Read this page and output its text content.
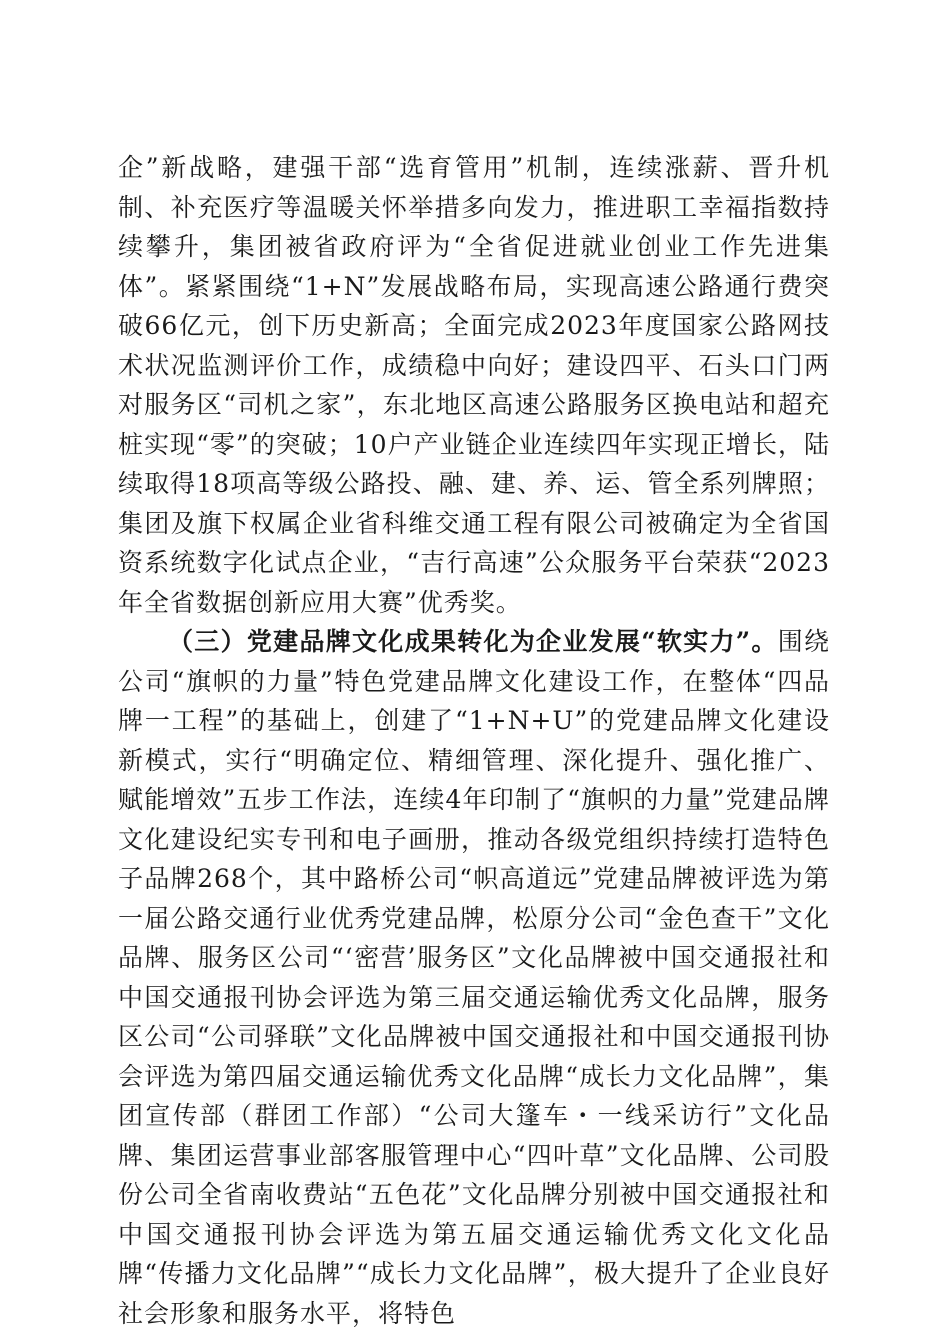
企”新战略，建强干部“选育管用”机制，连续涨薪、晋升机制、补充医疗等温暖关怀举措多向发力，推进职工幸福指数持续攀升，集团被省政府评为“全省促进就业创业工作先进集体”。紧紧围绕“1+N”发展战略布局，实现高速公路通行费突破66亿元，创下历史新高；全面完成2023年度国家公路网技术状况监测评价工作，成绩稳中向好；建设四平、石头口门两对服务区“司机之家”，东北地区高速公路服务区换电站和超充桩实现“零”的突破；10户产业链企业连续四年实现正增长，陆续取得18项高等级公路投、融、建、养、运、管全系列牌照；集团及旗下权属企业省科维交通工程有限公司被确定为全省国资系统数字化试点企业，“吉行高速”公众服务平台荣获“2023年全省数据创新应用大赛”优秀奖。

（三）党建品牌文化成果转化为企业发展“软实力”。围绕公司“旗帜的力量”特色党建品牌文化建设工作，在整体“四品牌一工程”的基础上，创建了“1+N+U”的党建品牌文化建设新模式，实行“明确定位、精细管理、深化提升、强化推广、赋能增效”五步工作法，连续4年印制了“旗帜的力量”党建品牌文化建设纪实专刊和电子画册，推动各级党组织持续打造特色子品牌268个，其中路桥公司“帜高道远”党建品牌被评选为第一届公路交通行业优秀党建品牌，松原分公司“金色查干”文化品牌、服务区公司“‘密营’服务区”文化品牌被中国交通报社和中国交通报刊协会评选为第三届交通运输优秀文化品牌，服务区公司“公司驿联”文化品牌被中国交通报社和中国交通报刊协会评选为第四届交通运输优秀文化品牌“成长力文化品牌”，集团宣传部（群团工作部）“公司大篷车・一线采访行”文化品牌、集团运营事业部客服管理中心“四叶草”文化品牌、公司股份公司全省南收费站“五色花”文化品牌分别被中国交通报社和中国交通报刊协会评选为第五届交通运输优秀文化文化品牌“传播力文化品牌”“成长力文化品牌”，极大提升了企业良好社会形象和服务水平，将特色
